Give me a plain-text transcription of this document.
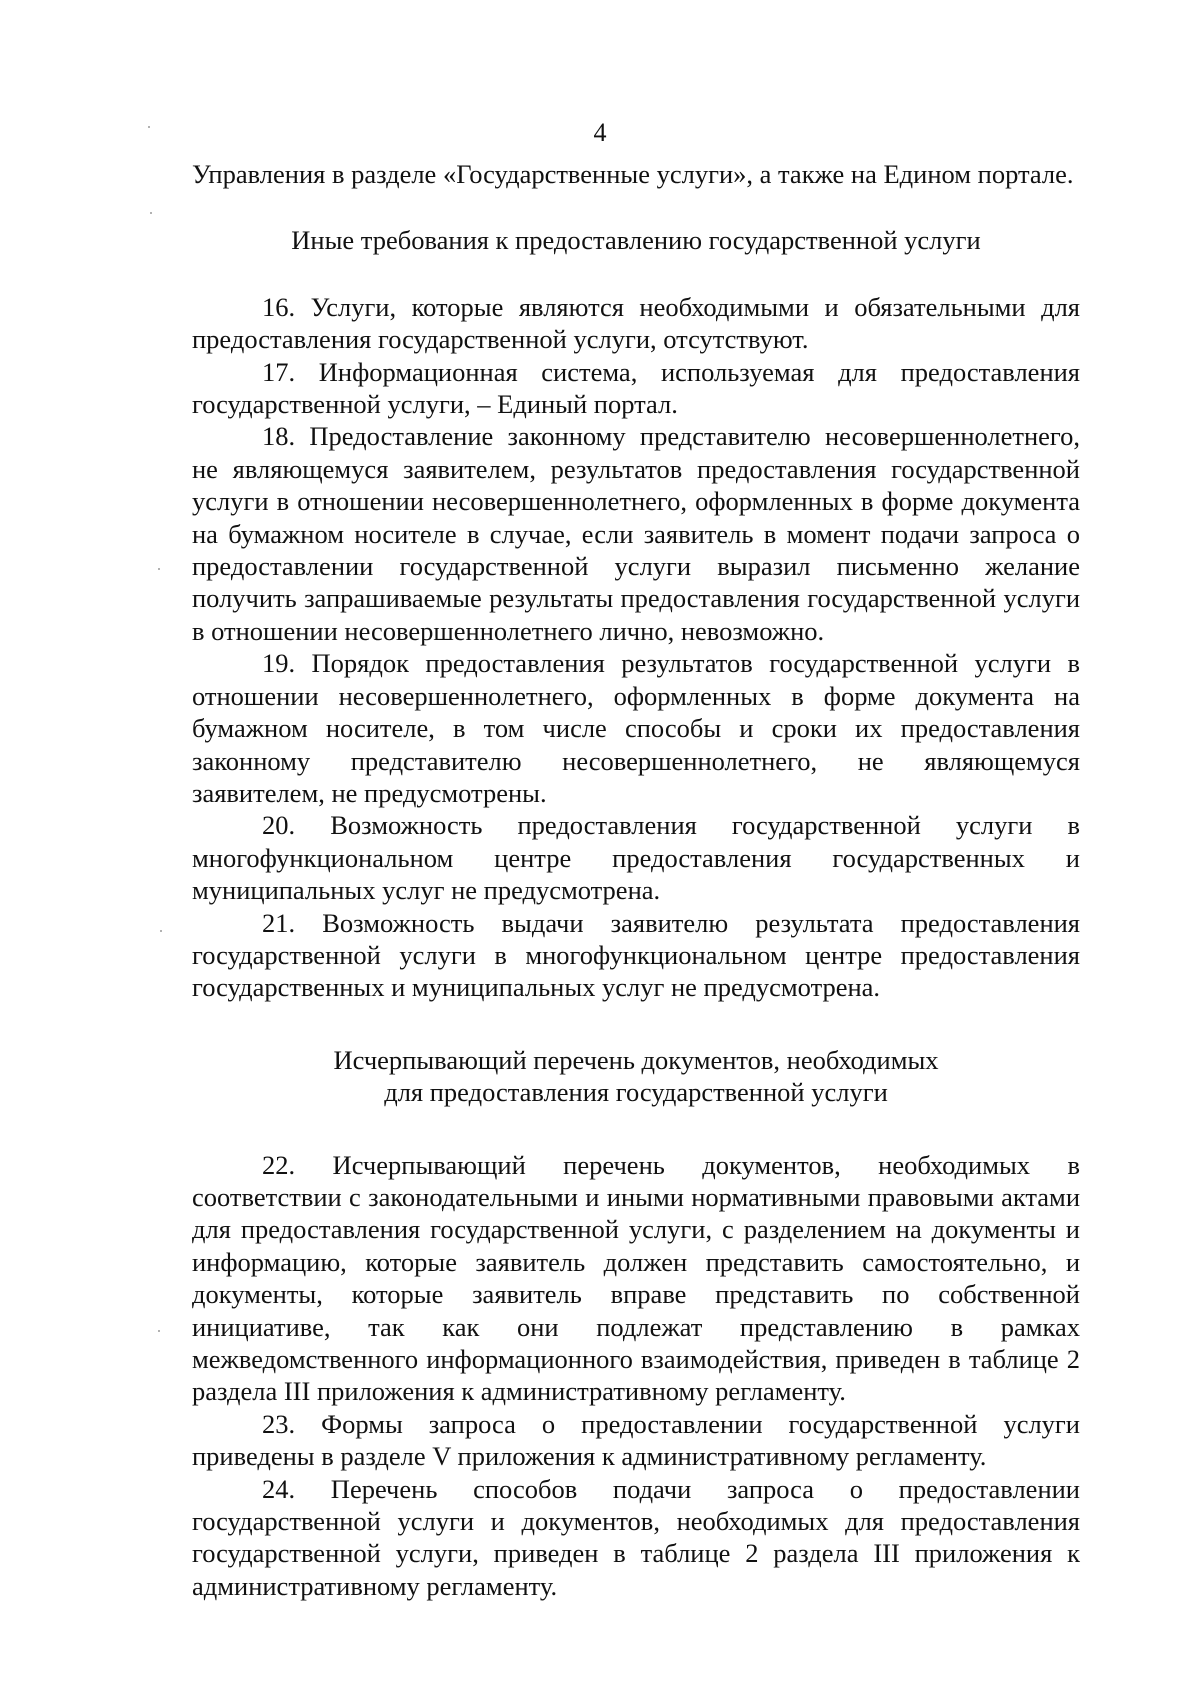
4

Управления в разделе «Государственные услуги», а также на Едином портале.

Иные требования к предоставлению государственной услуги

16. Услуги, которые являются необходимыми и обязательными для предоставления государственной услуги, отсутствуют.

17. Информационная система, используемая для предоставления государственной услуги, – Единый портал.

18. Предоставление законному представителю несовершеннолетнего, не являющемуся заявителем, результатов предоставления государственной услуги в отношении несовершеннолетнего, оформленных в форме документа на бумажном носителе в случае, если заявитель в момент подачи запроса о предоставлении государственной услуги выразил письменно желание получить запрашиваемые результаты предоставления государственной услуги в отношении несовершеннолетнего лично, невозможно.

19. Порядок предоставления результатов государственной услуги в отношении несовершеннолетнего, оформленных в форме документа на бумажном носителе, в том числе способы и сроки их предоставления законному представителю несовершеннолетнего, не являющемуся заявителем, не предусмотрены.

20. Возможность предоставления государственной услуги в многофункциональном центре предоставления государственных и муниципальных услуг не предусмотрена.

21. Возможность выдачи заявителю результата предоставления государственной услуги в многофункциональном центре предоставления государственных и муниципальных услуг не предусмотрена.

Исчерпывающий перечень документов, необходимых
для предоставления государственной услуги

22. Исчерпывающий перечень документов, необходимых в соответствии с законодательными и иными нормативными правовыми актами для предоставления государственной услуги, с разделением на документы и информацию, которые заявитель должен представить самостоятельно, и документы, которые заявитель вправе представить по собственной инициативе, так как они подлежат представлению в рамках межведомственного информационного взаимодействия, приведен в таблице 2 раздела III приложения к административному регламенту.

23. Формы запроса о предоставлении государственной услуги приведены в разделе V приложения к административному регламенту.

24. Перечень способов подачи запроса о предоставлении государственной услуги и документов, необходимых для предоставления государственной услуги, приведен в таблице 2 раздела III приложения к административному регламенту.
